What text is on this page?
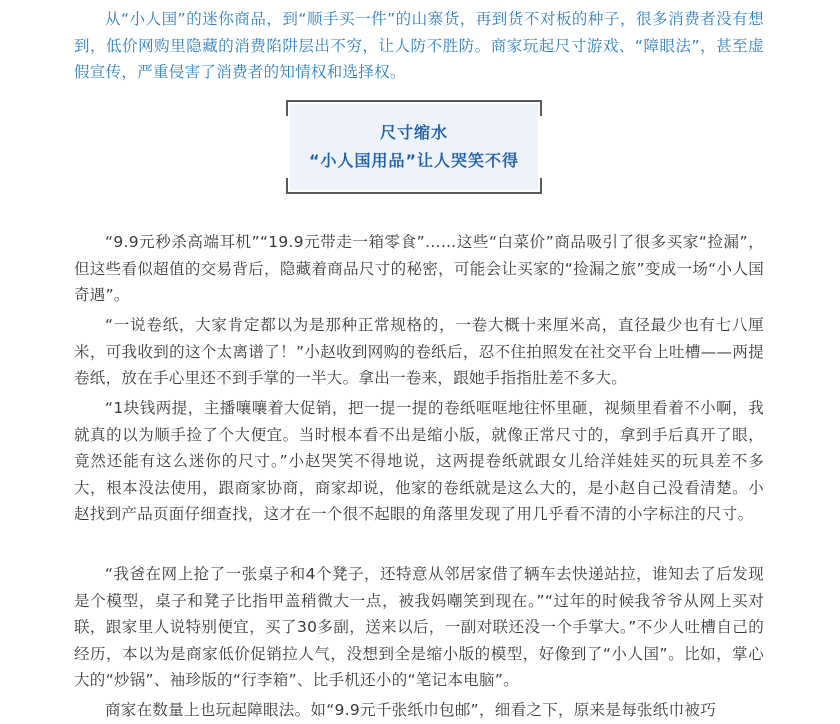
从“小人国”的迷你商品，到“顺手买一件”的山寨货，再到货不对板的种子，很多消费者没有想到，低价网购里隐藏的消费陷阱层出不穷，让人防不胜防。商家玩起尺寸游戏、“障眼法”，甚至虚假宣传，严重侵害了消费者的知情权和选择权。

尺寸缩水
“小人国用品”让人哭笑不得

“9.9元秒杀高端耳机”“19.9元带走一箱零食”……这些“白菜价”商品吸引了很多买家“捡漏”，但这些看似超值的交易背后，隐藏着商品尺寸的秘密，可能会让买家的“捡漏之旅”变成一场“小人国奇遇”。

“一说卷纸，大家肯定都以为是那种正常规格的，一卷大概十来厘米高，直径最少也有七八厘米，可我收到的这个太离谱了！”小赵收到网购的卷纸后，忍不住拍照发在社交平台上吐槽——两提卷纸，放在手心里还不到手掌的一半大。拿出一卷来，跟她手指指肚差不多大。

“1块钱两提，主播嚷嚷着大促销，把一提一提的卷纸哐哐地往怀里砸，视频里看着不小啊，我就真的以为顺手捡了个大便宜。当时根本看不出是缩小版，就像正常尺寸的，拿到手后真开了眼，竟然还能有这么迷你的尺寸。”小赵哭笑不得地说，这两提卷纸就跟女儿给洋娃娃买的玩具差不多大，根本没法使用，跟商家协商，商家却说，他家的卷纸就是这么大的，是小赵自己没看清楚。小赵找到产品页面仔细查找，这才在一个很不起眼的角落里发现了用几乎看不清的小字标注的尺寸。

“我爸在网上抢了一张桌子和4个凳子，还特意从邻居家借了辆车去快递站拉，谁知去了后发现是个模型，桌子和凳子比指甲盖稍微大一点，被我妈嘲笑到现在。”“过年的时候我爷爷从网上买对联，跟家里人说特别便宜，买了30多副，送来以后，一副对联还没一个手掌大。”不少人吐槽自己的经历，本以为是商家低价促销拉人气，没想到全是缩小版的模型，好像到了“小人国”。比如，掌心大的“炒锅”、袖珍版的“行李箱”、比手机还小的“笔记本电脑”。

商家在数量上也玩起障眼法。如“9.9元千张纸巾包邮”，细看之下，原来是每张纸巾被巧
